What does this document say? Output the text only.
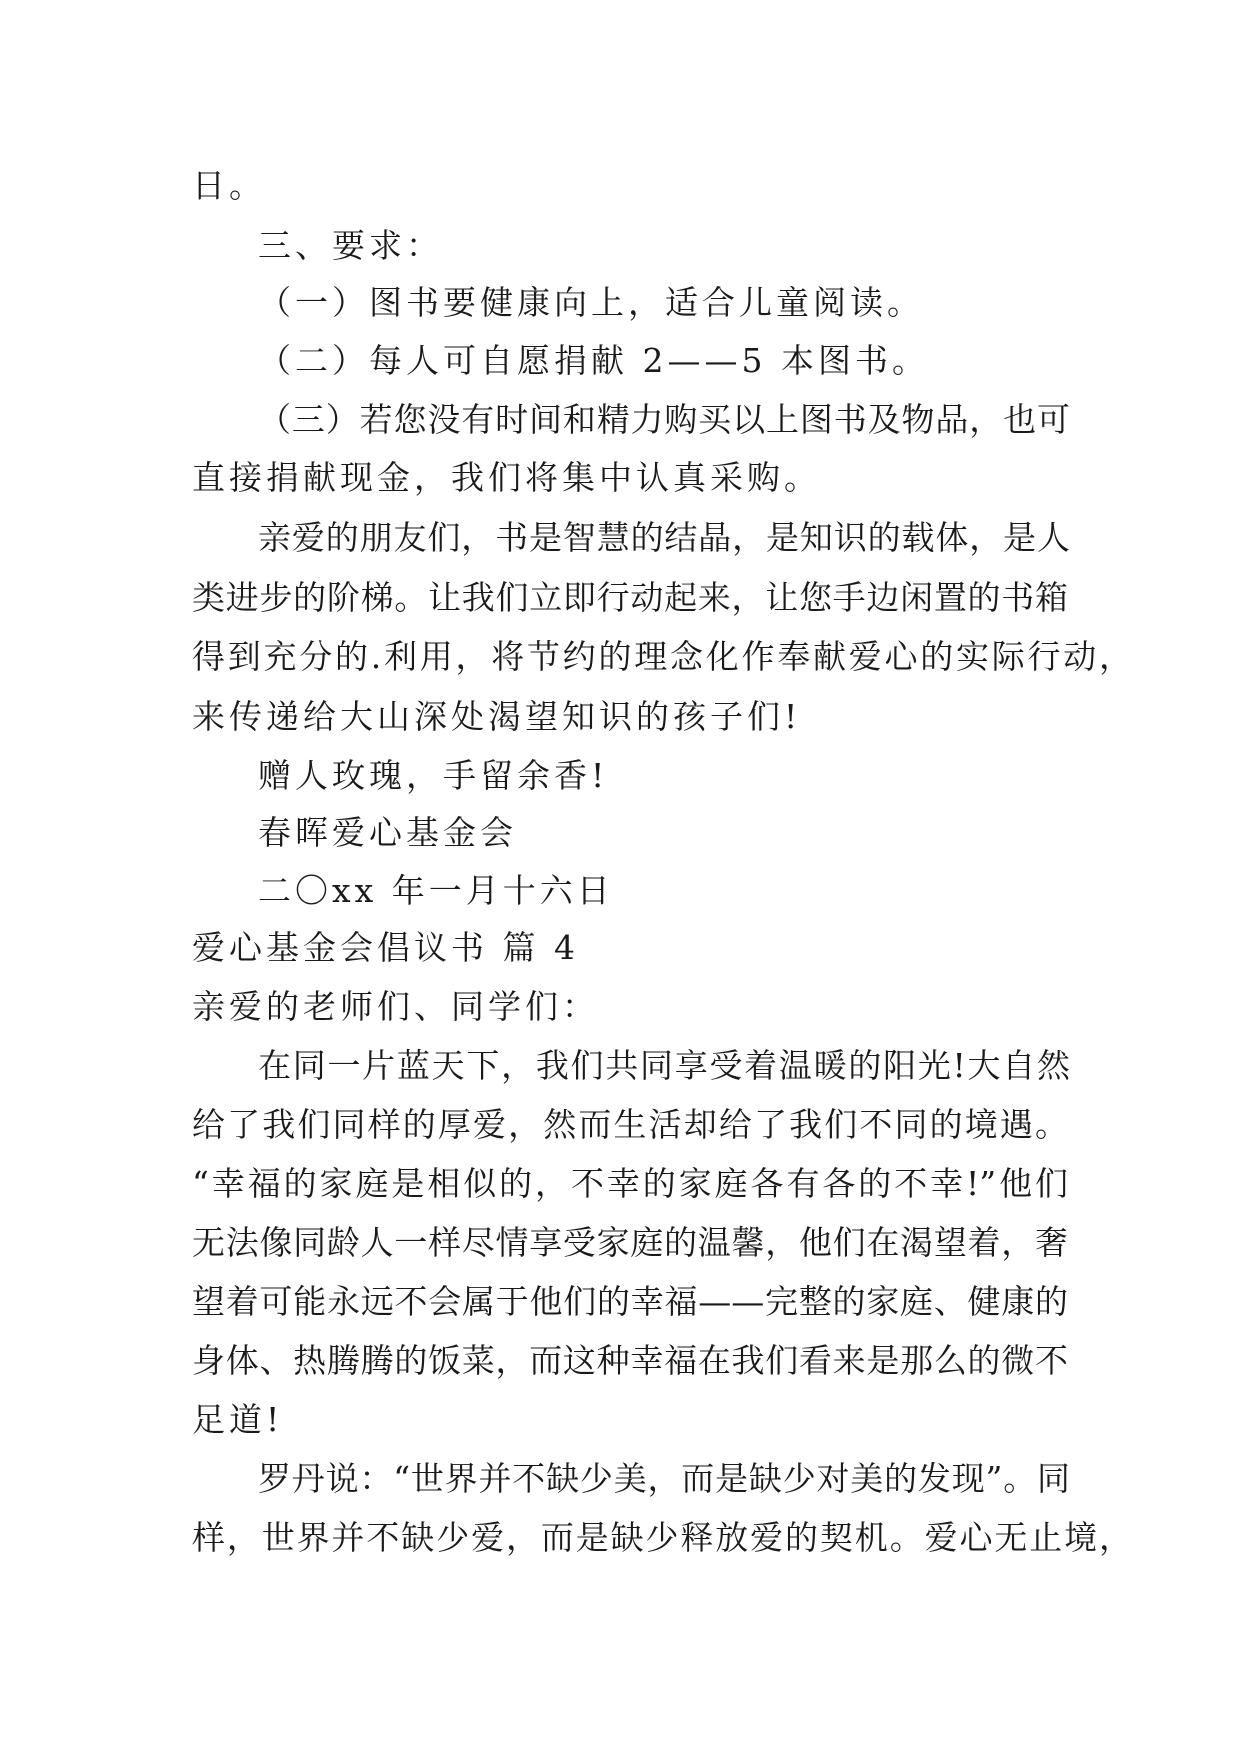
日。
三、要求：
（一）图书要健康向上，适合儿童阅读。
（二）每人可自愿捐献 2——5 本图书。
（三）若您没有时间和精力购买以上图书及物品，也可
直接捐献现金，我们将集中认真采购。
亲爱的朋友们，书是智慧的结晶，是知识的载体，是人
类进步的阶梯。让我们立即行动起来，让您手边闲置的书箱
得到充分的.利用，将节约的理念化作奉献爱心的实际行动，
来传递给大山深处渴望知识的孩子们!
赠人玫瑰，手留余香!
春晖爱心基金会
二〇xx 年一月十六日
爱心基金会倡议书 篇 4
亲爱的老师们、同学们：
在同一片蓝天下，我们共同享受着温暖的阳光!大自然
给了我们同样的厚爱，然而生活却给了我们不同的境遇。
“幸福的家庭是相似的，不幸的家庭各有各的不幸!”他们
无法像同龄人一样尽情享受家庭的温馨，他们在渴望着，奢
望着可能永远不会属于他们的幸福——完整的家庭、健康的
身体、热腾腾的饭菜，而这种幸福在我们看来是那么的微不
足道!
罗丹说：“世界并不缺少美，而是缺少对美的发现”。同
样，世界并不缺少爱，而是缺少释放爱的契机。爱心无止境，
